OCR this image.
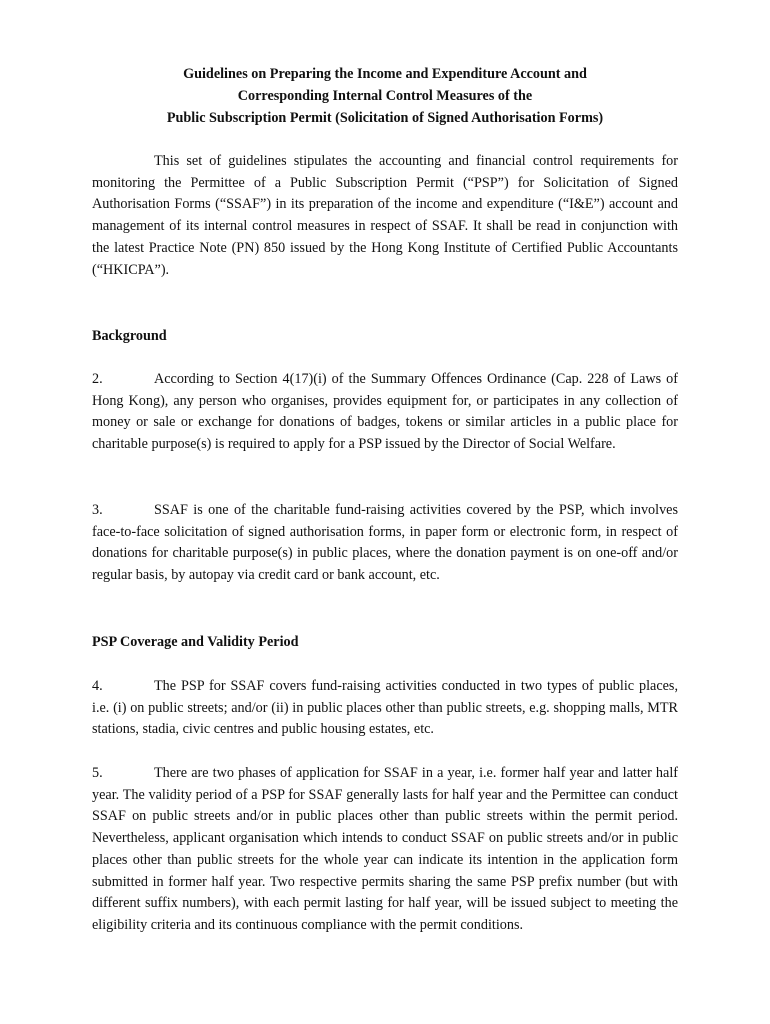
Guidelines on Preparing the Income and Expenditure Account and
Corresponding Internal Control Measures of the
Public Subscription Permit (Solicitation of Signed Authorisation Forms)

This set of guidelines stipulates the accounting and financial control requirements for monitoring the Permittee of a Public Subscription Permit (“PSP”) for Solicitation of Signed Authorisation Forms (“SSAF”) in its preparation of the income and expenditure (“I&E”) account and management of its internal control measures in respect of SSAF. It shall be read in conjunction with the latest Practice Note (PN) 850 issued by the Hong Kong Institute of Certified Public Accountants (“HKICPA”).

Background

2.	According to Section 4(17)(i) of the Summary Offences Ordinance (Cap. 228 of Laws of Hong Kong), any person who organises, provides equipment for, or participates in any collection of money or sale or exchange for donations of badges, tokens or similar articles in a public place for charitable purpose(s) is required to apply for a PSP issued by the Director of Social Welfare.

3.	SSAF is one of the charitable fund-raising activities covered by the PSP, which involves face-to-face solicitation of signed authorisation forms, in paper form or electronic form, in respect of donations for charitable purpose(s) in public places, where the donation payment is on one-off and/or regular basis, by autopay via credit card or bank account, etc.

PSP Coverage and Validity Period

4.	The PSP for SSAF covers fund-raising activities conducted in two types of public places, i.e. (i) on public streets; and/or (ii) in public places other than public streets, e.g. shopping malls, MTR stations, stadia, civic centres and public housing estates, etc.

5.	There are two phases of application for SSAF in a year, i.e. former half year and latter half year. The validity period of a PSP for SSAF generally lasts for half year and the Permittee can conduct SSAF on public streets and/or in public places other than public streets within the permit period. Nevertheless, applicant organisation which intends to conduct SSAF on public streets and/or in public places other than public streets for the whole year can indicate its intention in the application form submitted in former half year. Two respective permits sharing the same PSP prefix number (but with different suffix numbers), with each permit lasting for half year, will be issued subject to meeting the eligibility criteria and its continuous compliance with the permit conditions.
